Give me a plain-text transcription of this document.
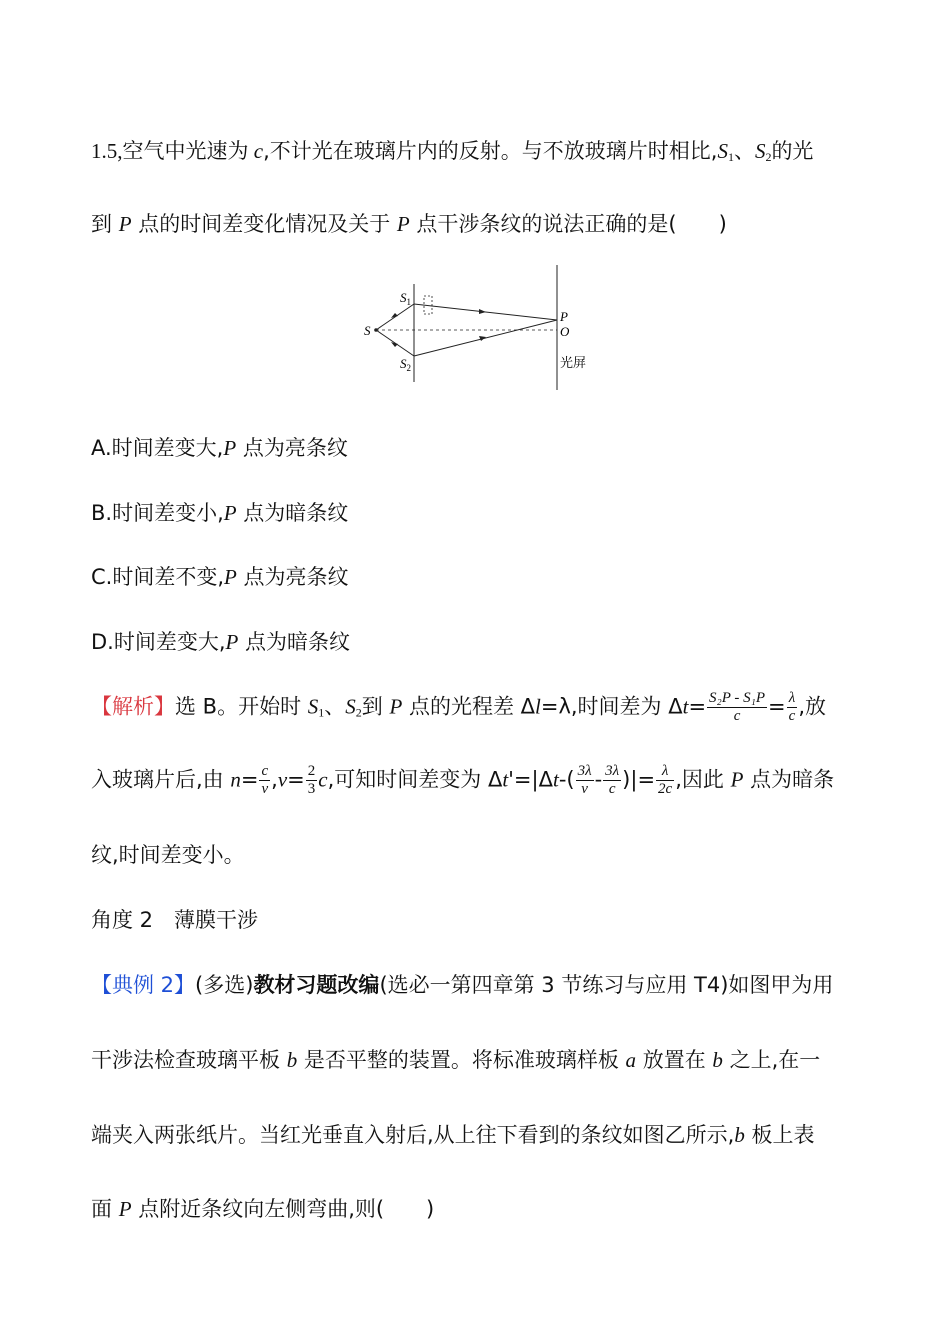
1.5,空气中光速为 c,不计光在玻璃片内的反射。与不放玻璃片时相比$,S_1$、$S_2$的光
到 P 点的时间差变化情况及关于 P 点干涉条纹的说法正确的是(　　)
$S_1$
$S_2$
S
P
O
光屏
A.时间差变大,P 点为亮条纹
B.时间差变小,P 点为暗条纹
C.时间差不变,P 点为亮条纹
D.时间差变大,P 点为暗条纹
【解析】选 B。开始时 $S_1$、$S_2$到 P 点的光程差 Δl=λ,时间差为 $\Delta t= \frac{\text{S₂P - S₁P}}{c} = \frac{\lambda}{c}$ ,放
入玻璃片后,由 $n= \frac{c}{v} ,v= \frac{2}{3} c$,可知时间差变为 $\Delta t'=|\Delta t-( \frac{3\lambda}{v} - \frac{3\lambda}{c}$ )|= $\frac{\lambda}{2c}$ ,因此 P 点为暗条
纹,时间差变小。
角度 2　薄膜干涉
【典例 2】(多选)教材习题改编(选必一第四章第 3 节练习与应用 T4)如图甲为用
干涉法检查玻璃平板 b 是否平整的装置。将标准玻璃样板 a 放置在 b 之上,在一
端夹入两张纸片。当红光垂直入射后,从上往下看到的条纹如图乙所示,b 板上表
面 P 点附近条纹向左侧弯曲,则(　　)
